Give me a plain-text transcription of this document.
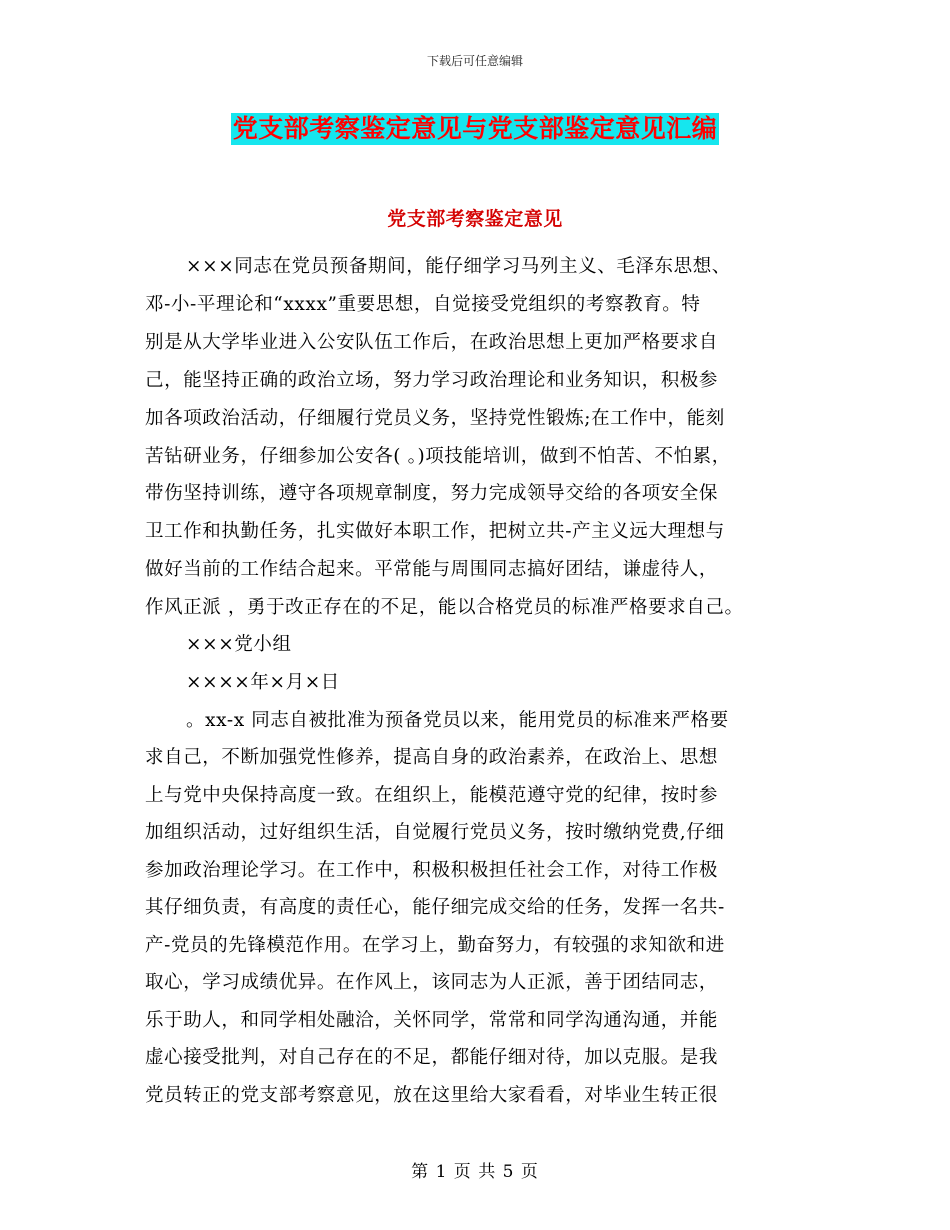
下载后可任意编辑
党支部考察鉴定意见与党支部鉴定意见汇编
党支部考察鉴定意见
×××同志在党员预备期间，能仔细学习马列主义、毛泽东思想、
邓-小-平理论和“xxxx”重要思想，自觉接受党组织的考察教育。特
别是从大学毕业进入公安队伍工作后，在政治思想上更加严格要求自
己，能坚持正确的政治立场，努力学习政治理论和业务知识，积极参
加各项政治活动，仔细履行党员义务，坚持党性锻炼;在工作中，能刻
苦钻研业务，仔细参加公安各( 。)项技能培训，做到不怕苦、不怕累，
带伤坚持训练，遵守各项规章制度，努力完成领导交给的各项安全保
卫工作和执勤任务，扎实做好本职工作，把树立共-产主义远大理想与
做好当前的工作结合起来。平常能与周围同志搞好团结，谦虚待人，
作风正派 ，勇于改正存在的不足，能以合格党员的标准严格要求自己。
×××党小组
××××年×月×日
。xx-x 同志自被批准为预备党员以来，能用党员的标准来严格要
求自己，不断加强党性修养，提高自身的政治素养，在政治上、思想
上与党中央保持高度一致。在组织上，能模范遵守党的纪律，按时参
加组织活动，过好组织生活，自觉履行党员义务，按时缴纳党费,仔细
参加政治理论学习。在工作中，积极积极担任社会工作，对待工作极
其仔细负责，有高度的责任心，能仔细完成交给的任务，发挥一名共-
产-党员的先锋模范作用。在学习上，勤奋努力，有较强的求知欲和进
取心，学习成绩优异。在作风上，该同志为人正派，善于团结同志，
乐于助人，和同学相处融洽，关怀同学，常常和同学沟通沟通，并能
虚心接受批判，对自己存在的不足，都能仔细对待，加以克服。是我
党员转正的党支部考察意见，放在这里给大家看看，对毕业生转正很
第 1 页 共 5 页
